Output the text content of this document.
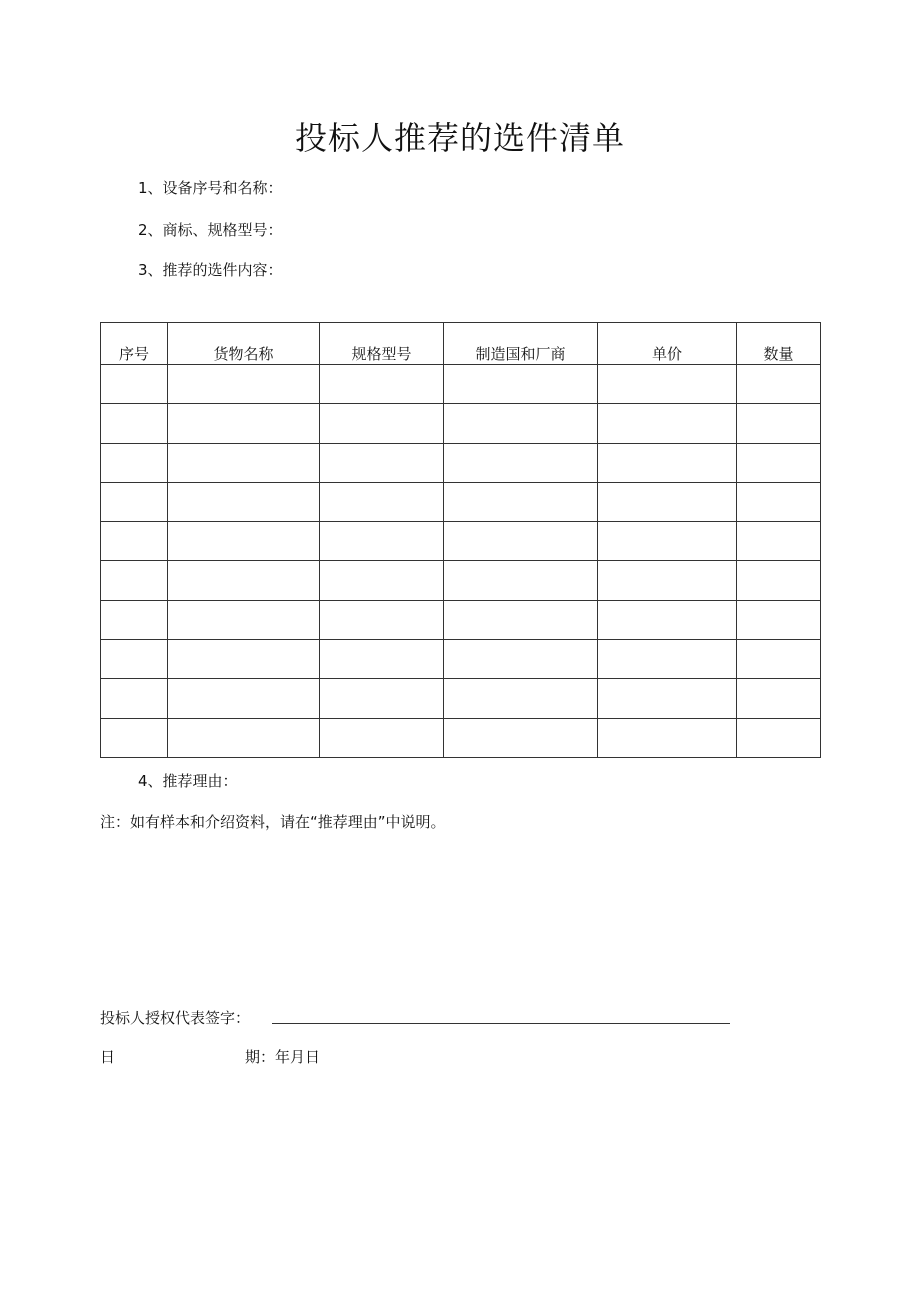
投标人推荐的选件清单
1、设备序号和名称：
2、商标、规格型号：
3、推荐的选件内容：
序号	货物名称	规格型号	制造国和厂商	单价	数量

4、推荐理由：
注：如有样本和介绍资料，请在“推荐理由”中说明。
投标人授权代表签字：
日	期：年月日
